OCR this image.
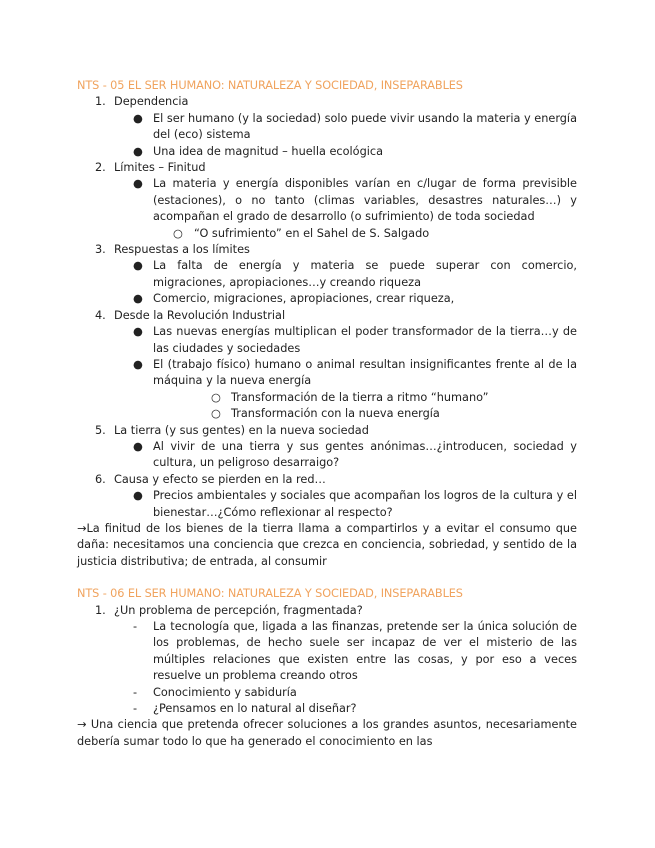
NTS - 05 EL SER HUMANO: NATURALEZA Y SOCIEDAD, INSEPARABLES
1. Dependencia
● El ser humano (y la sociedad) solo puede vivir usando la materia y energía del (eco) sistema
● Una idea de magnitud – huella ecológica
2. Límites – Finitud
● La materia y energía disponibles varían en c/lugar de forma previsible (estaciones), o no tanto (climas variables, desastres naturales…) y acompañan el grado de desarrollo (o sufrimiento) de toda sociedad
○ “O sufrimiento” en el Sahel de S. Salgado
3. Respuestas a los límites
● La falta de energía y materia se puede superar con comercio, migraciones, apropiaciones…y creando riqueza
● Comercio, migraciones, apropiaciones, crear riqueza,
4. Desde la Revolución Industrial
● Las nuevas energías multiplican el poder transformador de la tierra…y de las ciudades y sociedades
● El (trabajo físico) humano o animal resultan insignificantes frente al de la máquina y la nueva energía
○ Transformación de la tierra a ritmo “humano”
○ Transformación con la nueva energía
5. La tierra (y sus gentes) en la nueva sociedad
● Al vivir de una tierra y sus gentes anónimas…¿introducen, sociedad y cultura, un peligroso desarraigo?
6. Causa y efecto se pierden en la red…
● Precios ambientales y sociales que acompañan los logros de la cultura y el bienestar…¿Cómo reflexionar al respecto?

→La finitud de los bienes de la tierra llama a compartirlos y a evitar el consumo que daña: necesitamos una conciencia que crezca en conciencia, sobriedad, y sentido de la justicia distributiva; de entrada, al consumir

NTS - 06 EL SER HUMANO: NATURALEZA Y SOCIEDAD, INSEPARABLES
1. ¿Un problema de percepción, fragmentada?
- La tecnología que, ligada a las finanzas, pretende ser la única solución de los problemas, de hecho suele ser incapaz de ver el misterio de las múltiples relaciones que existen entre las cosas, y por eso a veces resuelve un problema creando otros
- Conocimiento y sabiduría
- ¿Pensamos en lo natural al diseñar?

→ Una ciencia que pretenda ofrecer soluciones a los grandes asuntos, necesariamente debería sumar todo lo que ha generado el conocimiento en las
